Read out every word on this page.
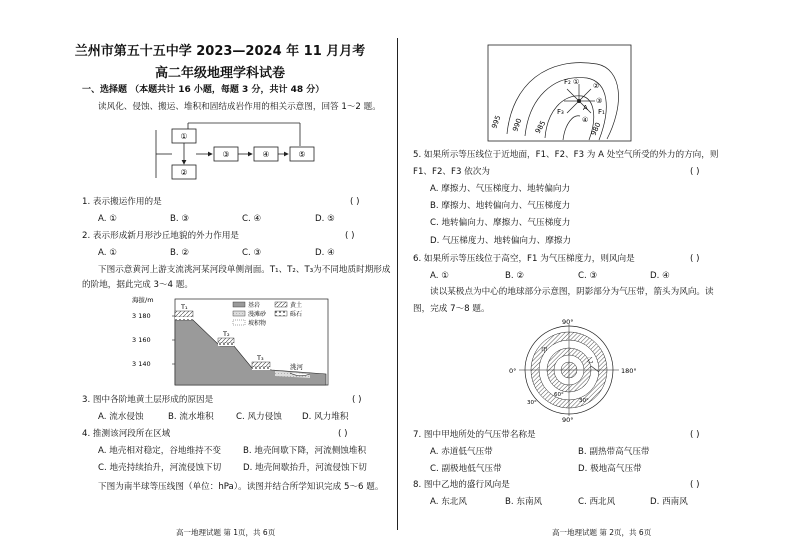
兰州市第五十五中学 2023—2024 年 11 月月考
高二年级地理学科试卷
一、选择题 （本题共计 16 小题，每题 3 分，共计 48 分）
读风化、侵蚀、搬运、堆积和固结成岩作用的相关示意图，回答 1～2 题。
①
②
③	④	⑤
1. 表示搬运作用的是	( )
A. ①	B. ③	C. ④	D. ⑤
2. 表示形成新月形沙丘地貌的外力作用是	( )
A. ①	B. ②	C. ③	D. ④
下图示意黄河上游支流洮河某河段单侧剖面。T₁、T₂、T₃为不同地质时期形成
的阶地，据此完成 3～4 题。
海拔/m
3 180
3 160
3 140
T₁
T₂
T₃
洮河
基岩	黄土
漫滩砂	砾石
坡积物
3. 图中各阶地黄土层形成的原因是	( )
A. 流水侵蚀	B. 流水堆积	C. 风力侵蚀 D. 风力堆积
4. 推测该河段所在区域	( )
A. 地壳相对稳定，谷地维持不变	B. 地壳间歇下降，河流侧蚀堆积
C. 地壳持续抬升，河流侵蚀下切	D. 地壳间歇抬升，河流侵蚀下切
下图为南半球等压线图（单位：hPa）。读图并结合所学知识完成 5～6 题。
高一地理试题 第 1页，共 6页
995 990 985	980
F₁
F₂
F₃	A
① ②
③
④
5. 如果所示等压线位于近地面，F1、F2、F3 为 A 处空气所受的外力的方向，则
F1、F2、F3 依次为	( )
A. 摩擦力、气压梯度力、地转偏向力
B. 摩擦力、地转偏向力、气压梯度力
C. 地转偏向力、摩擦力、气压梯度力
D. 气压梯度力、地转偏向力、摩擦力
6. 如果所示等压线位于高空，F1 为气压梯度力，则风向是	( )
A. ①	B. ②	C. ③	D. ④
读以某极点为中心的地球部分示意图，阴影部分为气压带，箭头为风向。读
图，完成 7～8 题。
90°
0°	180°
90°
甲
乙
30°
60°
30°
7. 图中甲地所处的气压带名称是	( )
A. 赤道低气压带	B. 副热带高气压带
C. 副极地低气压带	D. 极地高气压带
8. 图中乙地的盛行风向是	( )
A. 东北风	B. 东南风	C. 西北风	D. 西南风
高一地理试题 第 2页，共 6页
